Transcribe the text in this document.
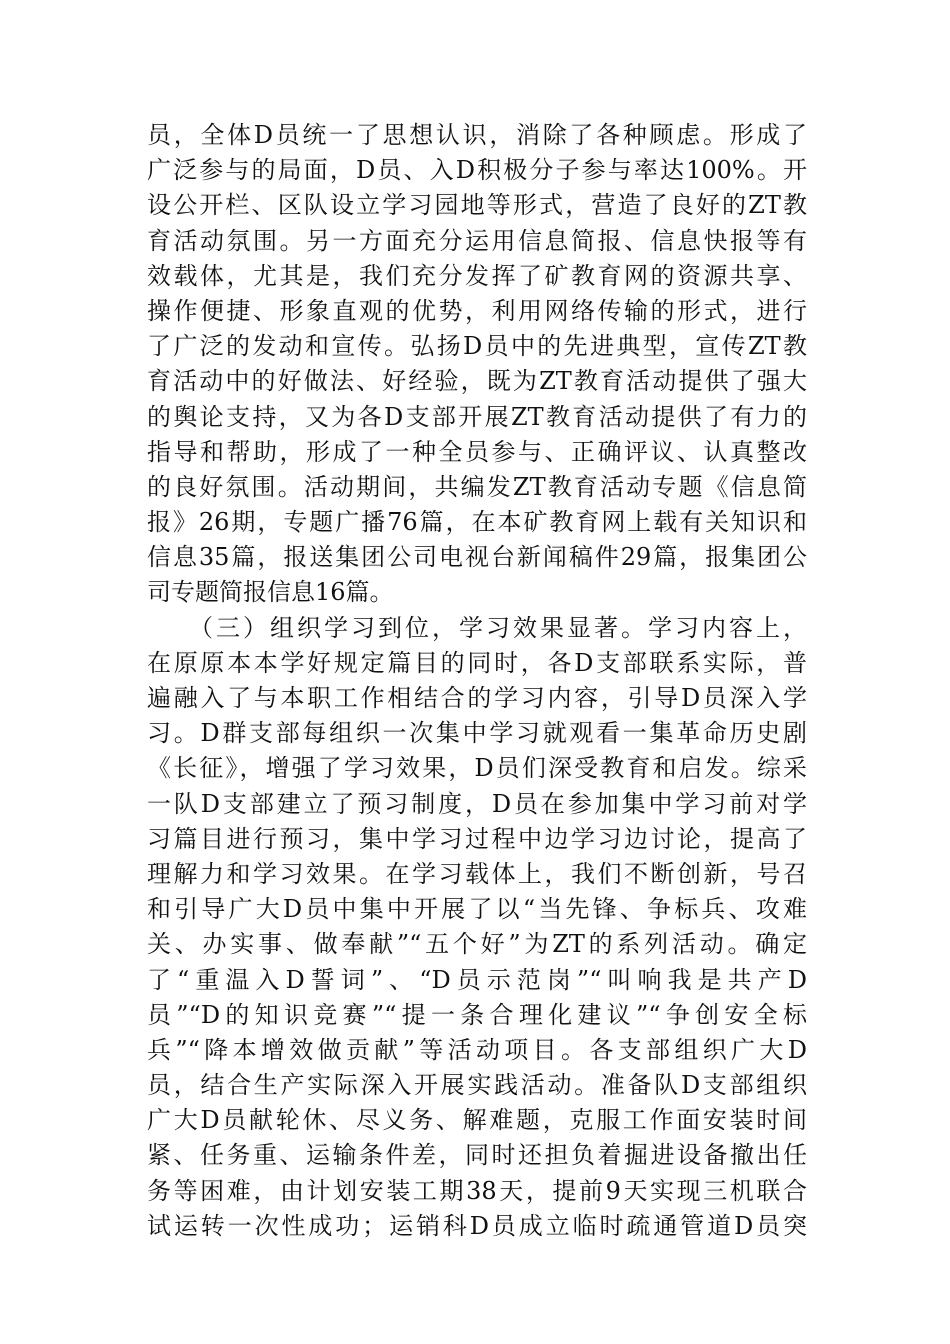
员，全体D员统一了思想认识，消除了各种顾虑。形成了
广泛参与的局面，D员、入D积极分子参与率达100%。开
设公开栏、区队设立学习园地等形式，营造了良好的ZT教
育活动氛围。另一方面充分运用信息简报、信息快报等有
效载体，尤其是，我们充分发挥了矿教育网的资源共享、
操作便捷、形象直观的优势，利用网络传输的形式，进行
了广泛的发动和宣传。弘扬D员中的先进典型，宣传ZT教
育活动中的好做法、好经验，既为ZT教育活动提供了强大
的舆论支持，又为各D支部开展ZT教育活动提供了有力的
指导和帮助，形成了一种全员参与、正确评议、认真整改
的良好氛围。活动期间，共编发ZT教育活动专题《信息简
报》26期，专题广播76篇，在本矿教育网上载有关知识和
信息35篇，报送集团公司电视台新闻稿件29篇，报集团公
司专题简报信息16篇。
　　（三）组织学习到位，学习效果显著。学习内容上，
在原原本本学好规定篇目的同时，各D支部联系实际，普
遍融入了与本职工作相结合的学习内容，引导D员深入学
习。D群支部每组织一次集中学习就观看一集革命历史剧
《长征》，增强了学习效果，D员们深受教育和启发。综采
一队D支部建立了预习制度，D员在参加集中学习前对学
习篇目进行预习，集中学习过程中边学习边讨论，提高了
理解力和学习效果。在学习载体上，我们不断创新，号召
和引导广大D员中集中开展了以“当先锋、争标兵、攻难
关、办实事、做奉献”“五个好”为ZT的系列活动。确定
了“重温入D誓词”、“D员示范岗”“叫响我是共产D
员”“D的知识竞赛”“提一条合理化建议”“争创安全标
兵”“降本增效做贡献”等活动项目。各支部组织广大D
员，结合生产实际深入开展实践活动。准备队D支部组织
广大D员献轮休、尽义务、解难题，克服工作面安装时间
紧、任务重、运输条件差，同时还担负着掘进设备撤出任
务等困难，由计划安装工期38天，提前9天实现三机联合
试运转一次性成功；运销科D员成立临时疏通管道D员突
